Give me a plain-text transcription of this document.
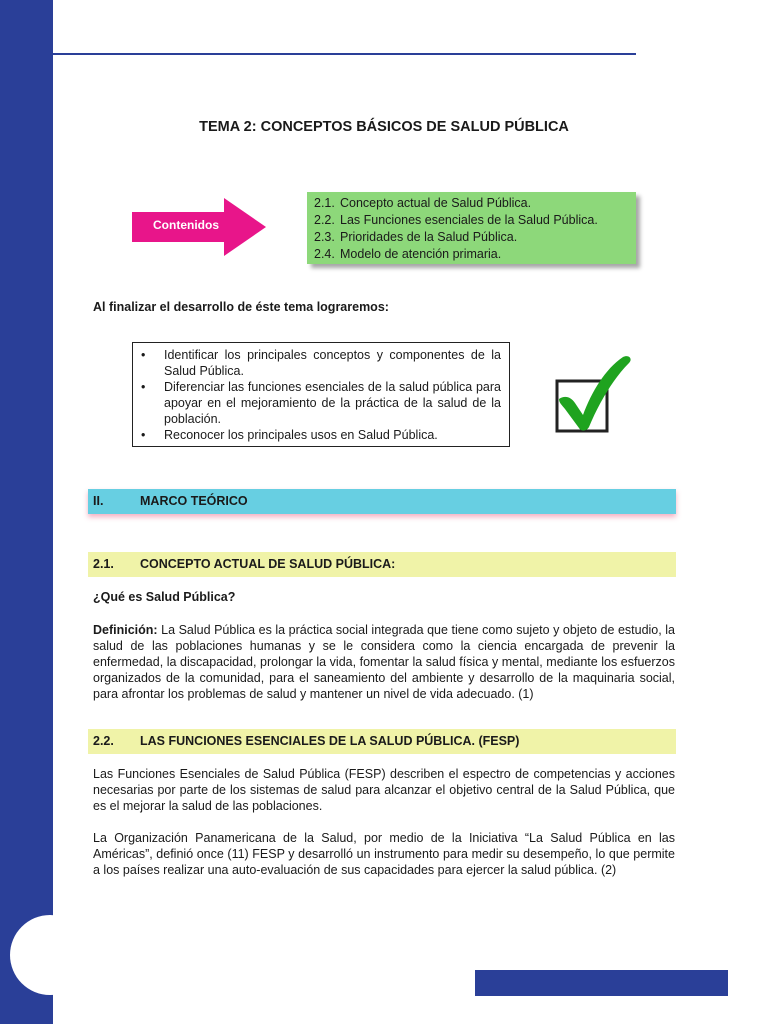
TEMA 2: CONCEPTOS BÁSICOS DE SALUD PÚBLICA
Contenidos
2.1. Concepto actual de Salud Pública.
2.2. Las Funciones esenciales de la Salud Pública.
2.3. Prioridades de la Salud Pública.
2.4. Modelo de atención primaria.
Al finalizar el desarrollo de éste tema lograremos:
• Identificar los principales conceptos y componentes de la Salud Pública.
• Diferenciar las funciones esenciales de la salud pública para apoyar en el mejoramiento de la práctica de la salud de la población.
• Reconocer los principales usos en Salud Pública.
II.	MARCO TEÓRICO
2.1. CONCEPTO ACTUAL DE SALUD PÚBLICA:
¿Qué es Salud Pública?
Definición: La Salud Pública es la práctica social integrada que tiene como sujeto y objeto de estudio, la salud de las poblaciones humanas y se le considera como la ciencia encargada de prevenir la enfermedad, la discapacidad, prolongar la vida, fomentar la salud física y mental, mediante los esfuerzos organizados de la comunidad, para el saneamiento del ambiente y desarrollo de la maquinaria social, para afrontar los problemas de salud y mantener un nivel de vida adecuado. (1)
2.2. LAS FUNCIONES ESENCIALES DE LA SALUD PÚBLICA. (FESP)
Las Funciones Esenciales de Salud Pública (FESP) describen el espectro de competencias y acciones necesarias por parte de los sistemas de salud para alcanzar el objetivo central de la Salud Pública, que es el mejorar la salud de las poblaciones.
La Organización Panamericana de la Salud, por medio de la Iniciativa “La Salud Pública en las Américas”, definió once (11) FESP y desarrolló un instrumento para medir su desempeño, lo que permite a los países realizar una auto-evaluación de sus capacidades para ejercer la salud pública. (2)
